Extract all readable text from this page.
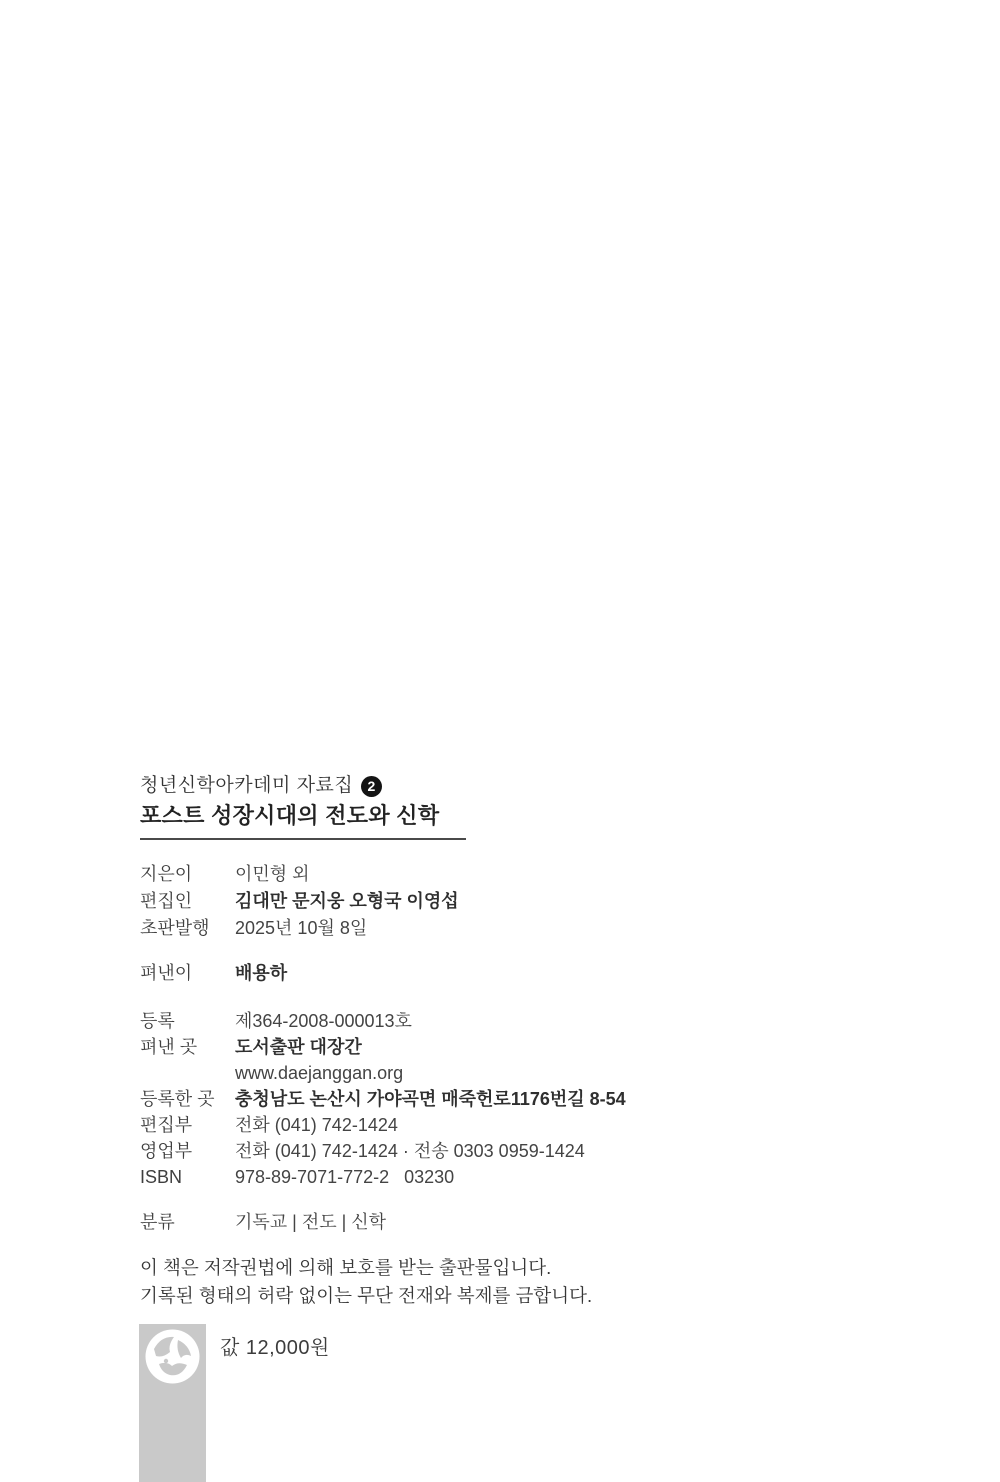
청년신학아카데미 자료집	2
포스트 성장시대의 전도와 신학
지은이	이민형 외
편집인	김대만 문지웅 오형국 이영섭
초판발행	2025년 10월 8일
펴낸이	배용하
등록	제364-2008-000013호
펴낸 곳	도서출판 대장간
www.daejanggan.org
등록한 곳	충청남도 논산시 가야곡면 매죽헌로1176번길 8-54
편집부	전화 (041) 742-1424
영업부	전화 (041) 742-1424 · 전송 0303 0959-1424
ISBN	978-89-7071-772-2   03230
분류	기독교 | 전도 | 신학
이 책은 저작권법에 의해 보호를 받는 출판물입니다.
기록된 형태의 허락 없이는 무단 전재와 복제를 금합니다.
값 12,000원
